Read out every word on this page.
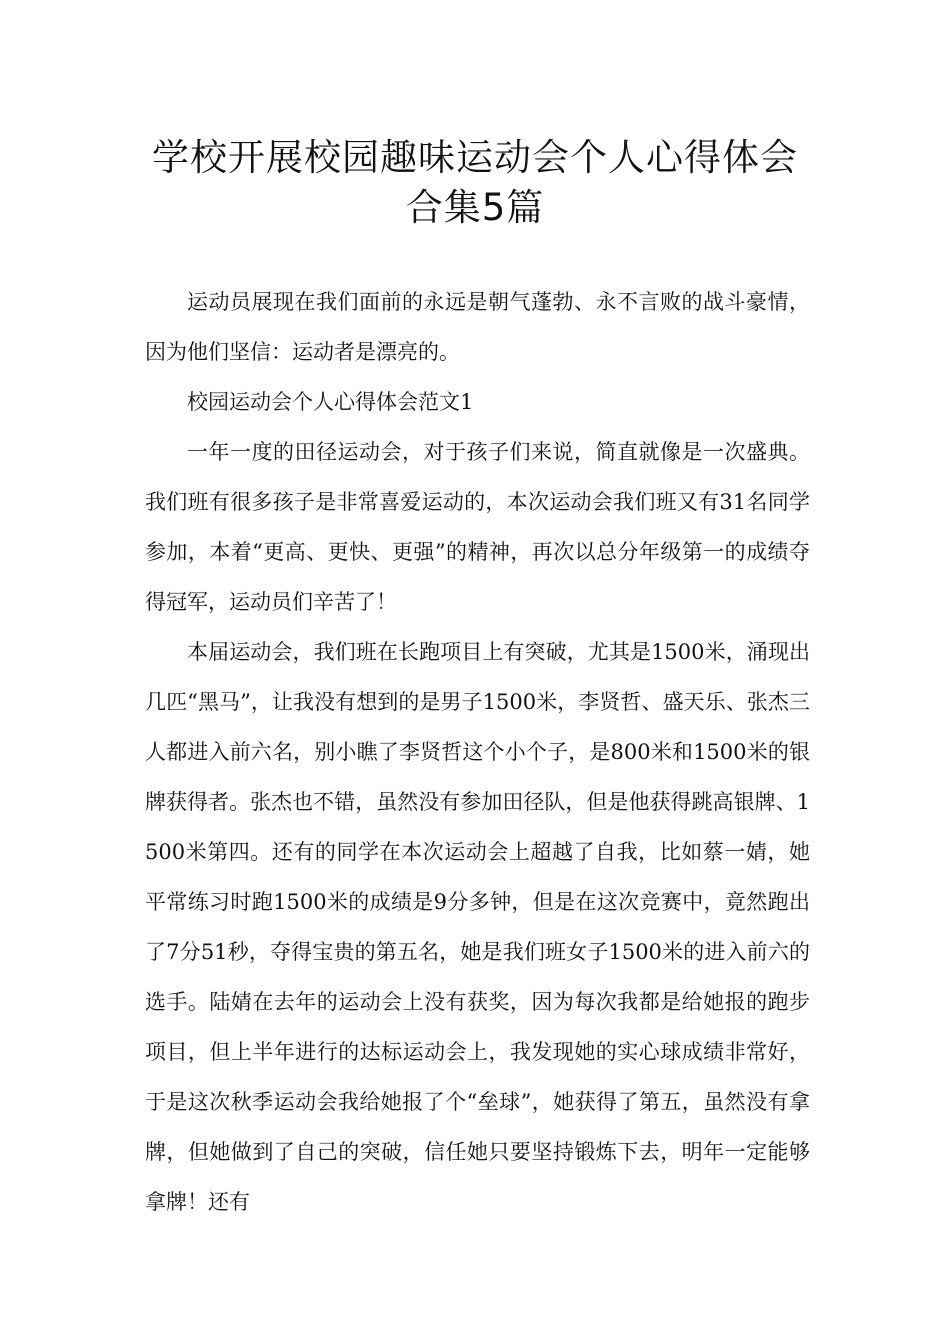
学校开展校园趣味运动会个人心得体会
合集5篇

运动员展现在我们面前的永远是朝气蓬勃、永不言败的战斗豪情，因为他们坚信：运动者是漂亮的。

校园运动会个人心得体会范文1

一年一度的田径运动会，对于孩子们来说，简直就像是一次盛典。我们班有很多孩子是非常喜爱运动的，本次运动会我们班又有31名同学参加，本着“更高、更快、更强”的精神，再次以总分年级第一的成绩夺得冠军，运动员们辛苦了！

本届运动会，我们班在长跑项目上有突破，尤其是1500米，涌现出几匹“黑马”，让我没有想到的是男子1500米，李贤哲、盛天乐、张杰三人都进入前六名，别小瞧了李贤哲这个小个子，是800米和1500米的银牌获得者。张杰也不错，虽然没有参加田径队，但是他获得跳高银牌、1500米第四。还有的同学在本次运动会上超越了自我，比如蔡一婧，她平常练习时跑1500米的成绩是9分多钟，但是在这次竞赛中，竟然跑出了7分51秒，夺得宝贵的第五名，她是我们班女子1500米的进入前六的选手。陆婧在去年的运动会上没有获奖，因为每次我都是给她报的跑步项目，但上半年进行的达标运动会上，我发现她的实心球成绩非常好，于是这次秋季运动会我给她报了个“垒球”，她获得了第五，虽然没有拿牌，但她做到了自己的突破，信任她只要坚持锻炼下去，明年一定能够拿牌！还有
